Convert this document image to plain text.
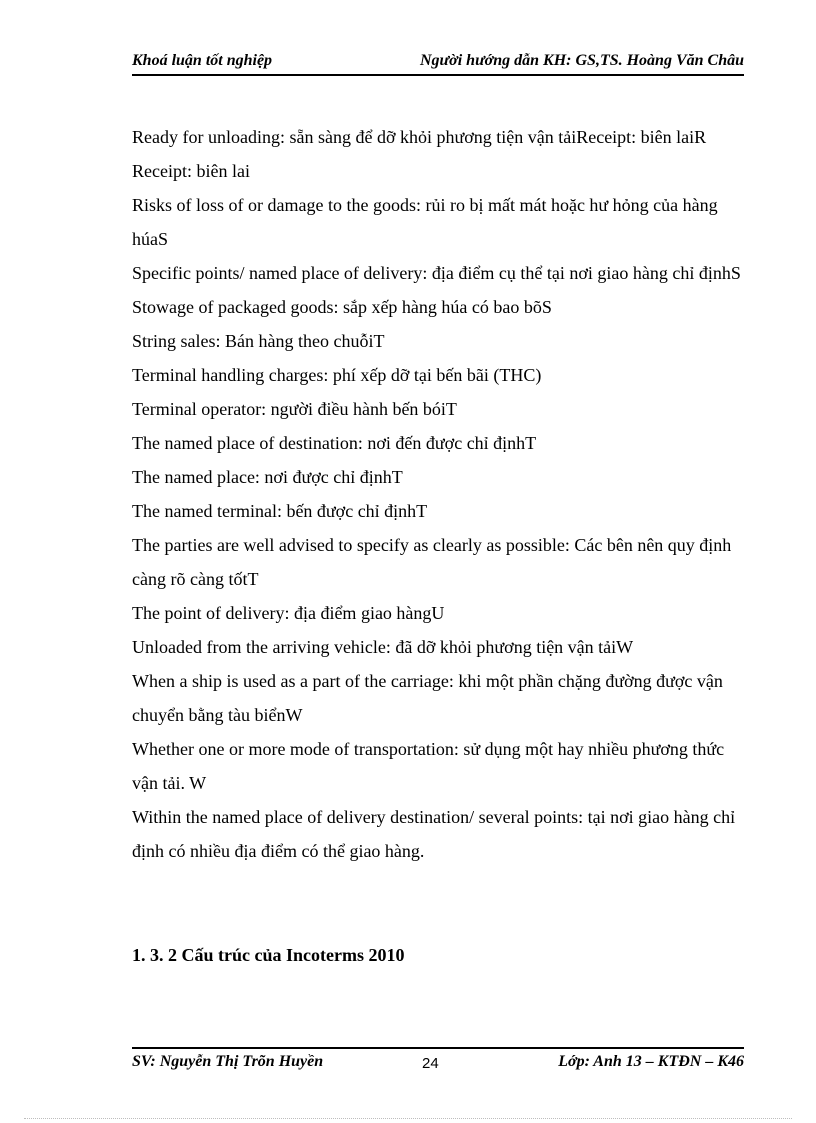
Khoá luận tốt nghiệp	Người hướng dẫn KH: GS,TS. Hoàng Văn Châu
Ready for unloading: sẵn sàng để dỡ khỏi phương tiện vận tảiReceipt: biên laiR
Receipt: biên lai
Risks of loss of or damage to the goods: rủi ro bị mất mát hoặc hư hỏng của hàng húaS
Specific points/ named place of delivery: địa điểm cụ thể tại nơi giao hàng chỉ địnhS
Stowage of packaged goods: sắp xếp hàng húa có bao bõS
String sales: Bán hàng theo chuỗiT
Terminal handling charges: phí xếp dỡ tại bến bãi (THC)
Terminal operator: người điều hành bến bóiT
The named place of destination: nơi đến được chỉ địnhT
The named place: nơi được chỉ địnhT
The named terminal: bến được chỉ địnhT
The parties are well advised to specify as clearly as possible: Các bên nên quy định càng rõ càng tốtT
The point of delivery: địa điểm giao hàngU
Unloaded from the arriving vehicle: đã dỡ khỏi phương tiện vận tảiW
When a ship is used as a part of the carriage: khi một phần chặng đường được vận chuyển bằng tàu biểnW
Whether one or more mode of transportation: sử dụng một hay nhiều phương thức vận tải. W
Within the named place of delivery destination/ several points: tại nơi giao hàng chỉ định có nhiều địa điểm có thể giao hàng.
1. 3. 2 Cấu trúc của Incoterms 2010
SV: Nguyễn Thị Trõn Huyền	24	Lớp: Anh 13 – KTĐN – K46
